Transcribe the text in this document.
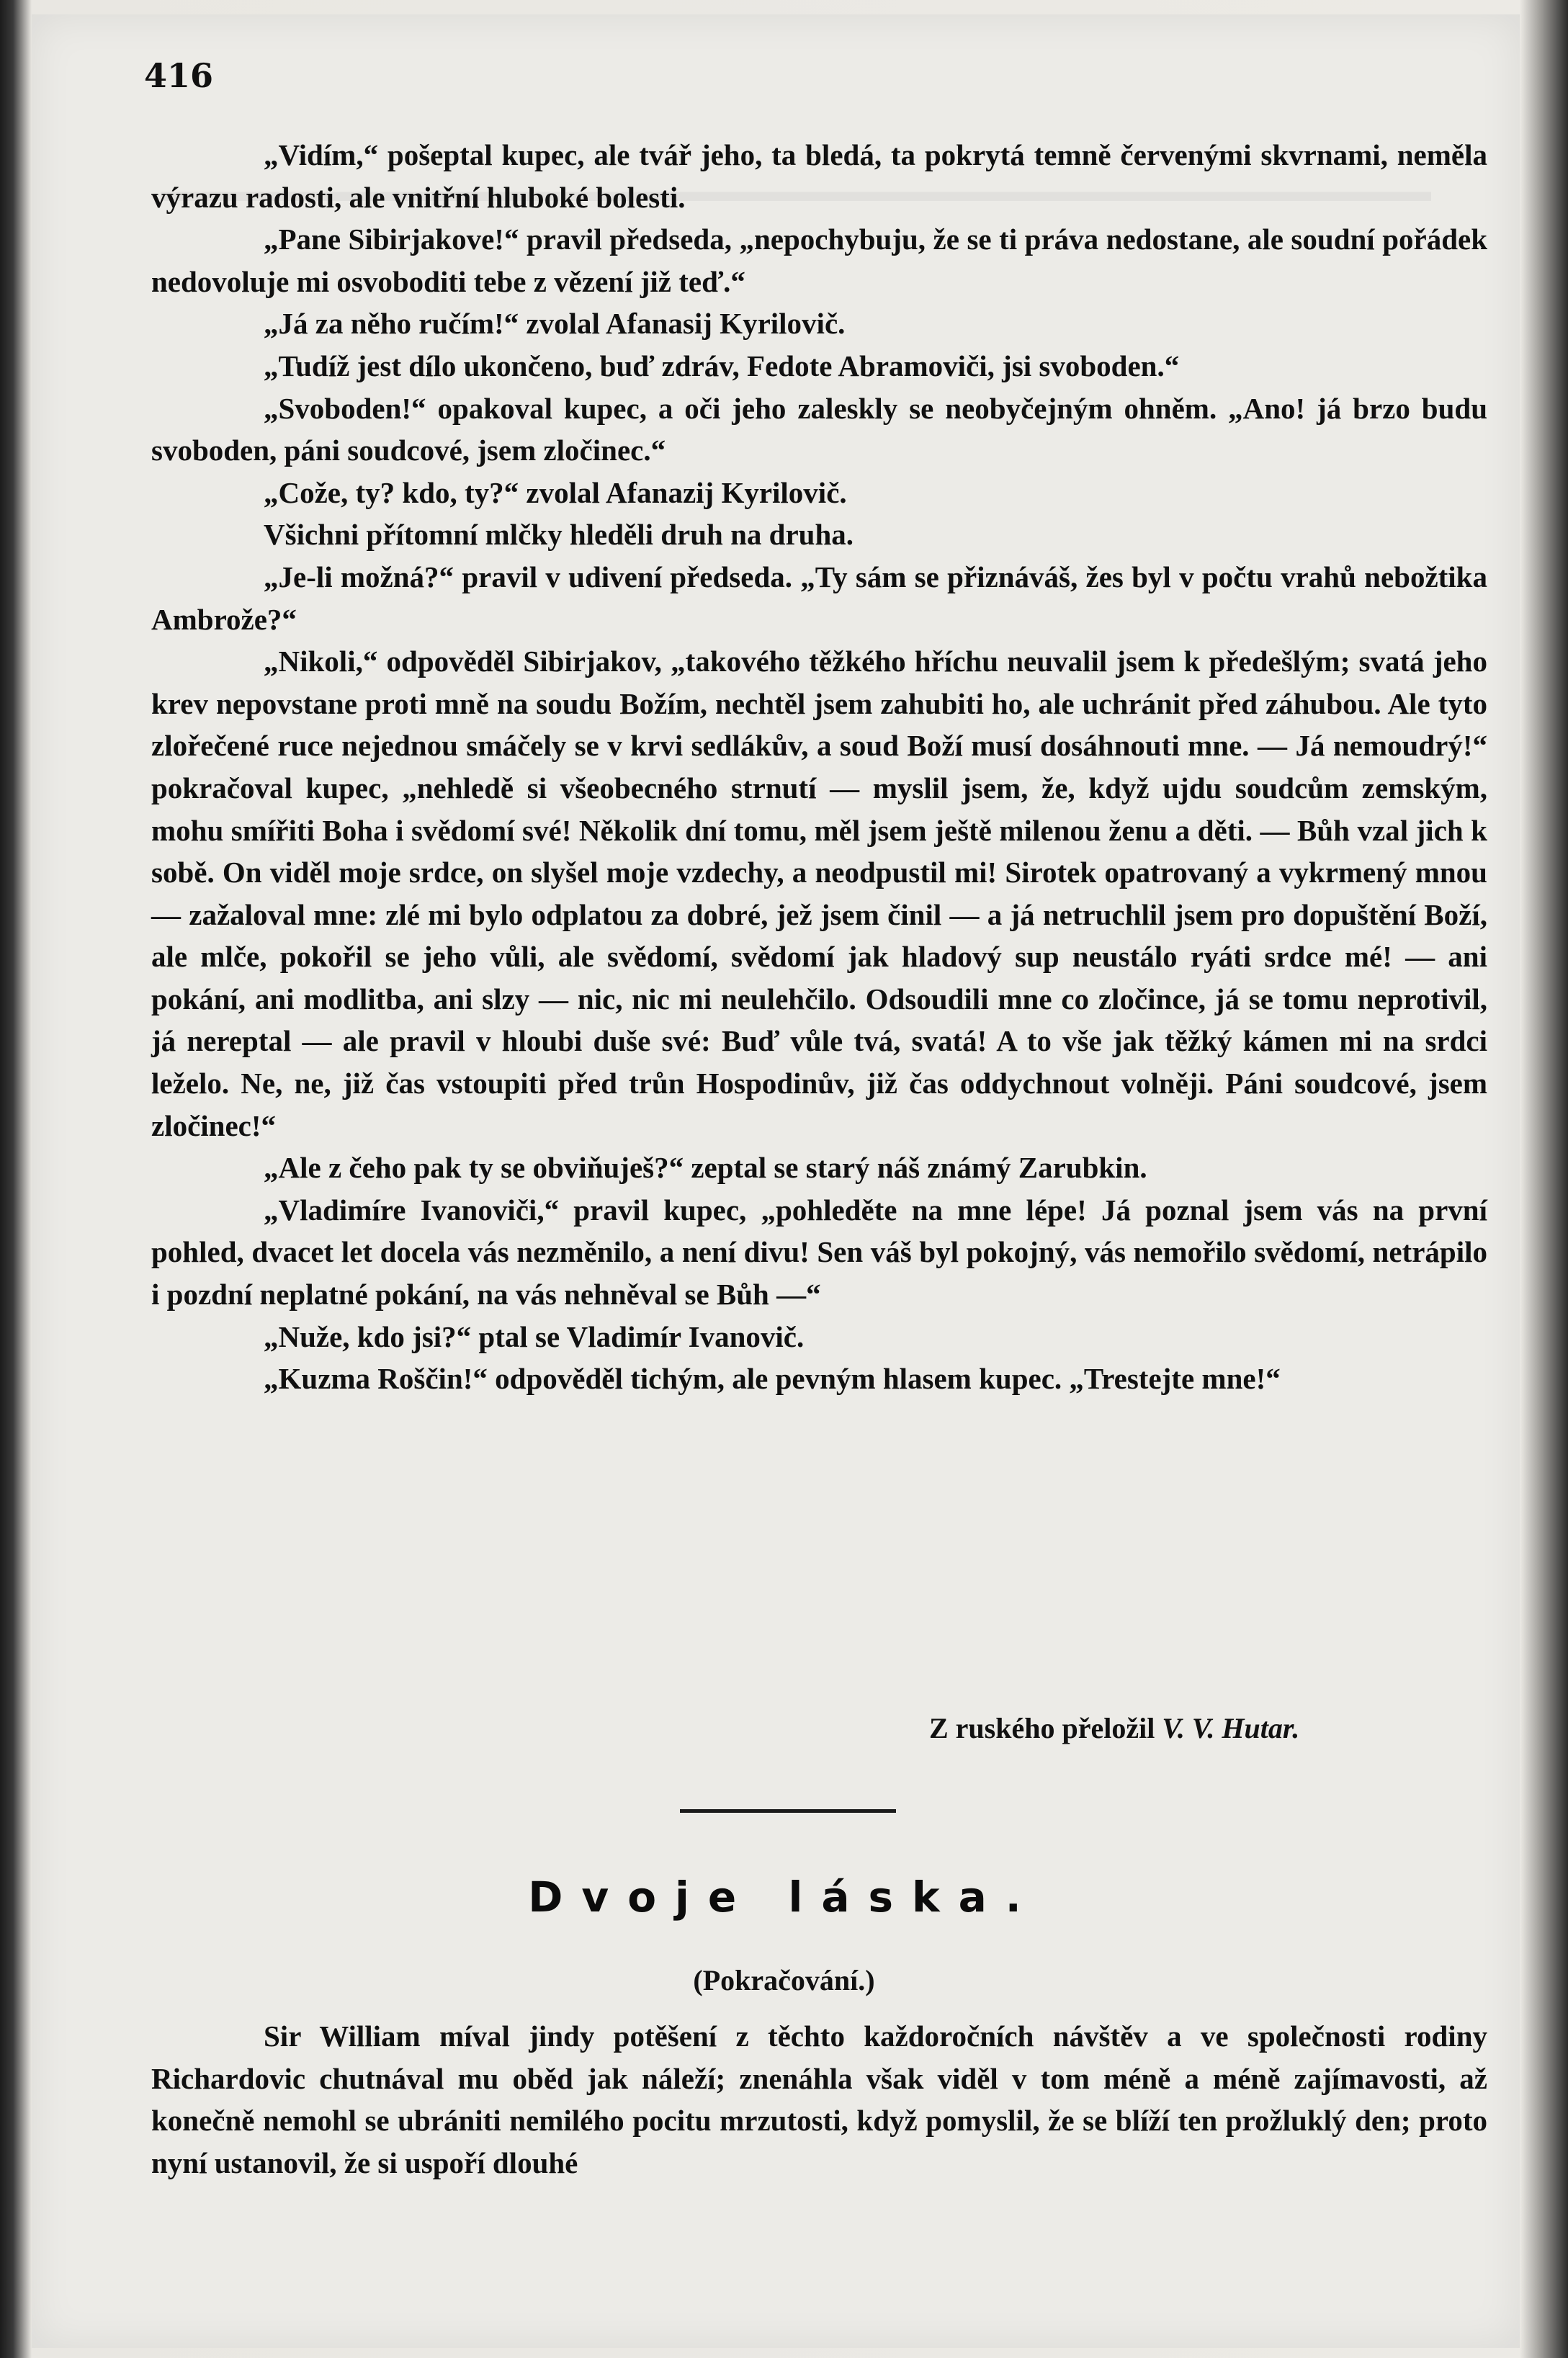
416

„Vidím,“ pošeptal kupec, ale tvář jeho, ta bledá, ta pokrytá temně červenými skvrnami, neměla výrazu radosti, ale vnitřní hluboké bolesti.

„Pane Sibirjakove!“ pravil předseda, „nepochybuju, že se ti práva nedostane, ale soudní pořádek nedovoluje mi osvoboditi tebe z vězení již teď.“

„Já za něho ručím!“ zvolal Afanasij Kyrilovič.

„Tudíž jest dílo ukončeno, buď zdráv, Fedote Abramoviči, jsi svoboden.“

„Svoboden!“ opakoval kupec, a oči jeho zaleskly se neobyčejným ohněm. „Ano! já brzo budu svoboden, páni soudcové, jsem zločinec.“

„Cože, ty? kdo, ty?“ zvolal Afanazij Kyrilovič.

Všichni přítomní mlčky hleděli druh na druha.

„Je-li možná?“ pravil v udivení předseda. „Ty sám se přiznáváš, žes byl v počtu vrahů nebožtika Ambrože?“

„Nikoli,“ odpověděl Sibirjakov, „takového těžkého hříchu neuvalil jsem k předešlým; svatá jeho krev nepovstane proti mně na soudu Božím, nechtěl jsem zahubiti ho, ale uchránit před záhubou. Ale tyto zlořečené ruce nejednou smáčely se v krvi sedlákův, a soud Boží musí dosáhnouti mne. — Já nemoudrý!“ pokračoval kupec, „nehledě si všeobecného strnutí — myslil jsem, že, když ujdu soudcům zemským, mohu smířiti Boha i svědomí své! Několik dní tomu, měl jsem ještě milenou ženu a děti. — Bůh vzal jich k sobě. On viděl moje srdce, on slyšel moje vzdechy, a neodpustil mi! Sirotek opatrovaný a vykrmený mnou — zažaloval mne: zlé mi bylo odplatou za dobré, jež jsem činil — a já netruchlil jsem pro dopuštění Boží, ale mlče, pokořil se jeho vůli, ale svědomí, svědomí jak hladový sup neustálo ryáti srdce mé! — ani pokání, ani modlitba, ani slzy — nic, nic mi neulehčilo. Odsoudili mne co zločince, já se tomu neprotivil, já nereptal — ale pravil v hloubi duše své: Buď vůle tvá, svatá! A to vše jak těžký kámen mi na srdci leželo. Ne, ne, již čas vstoupiti před trůn Hospodinův, již čas oddychnout volněji. Páni soudcové, jsem zločinec!“

„Ale z čeho pak ty se obviňuješ?“ zeptal se starý náš známý Zarubkin.

„Vladimíre Ivanoviči,“ pravil kupec, „pohleděte na mne lépe! Já poznal jsem vás na první pohled, dvacet let docela vás nezměnilo, a není divu! Sen váš byl pokojný, vás nemořilo svědomí, netrápilo i pozdní neplatné pokání, na vás nehněval se Bůh —“

„Nuže, kdo jsi?“ ptal se Vladimír Ivanovič.

„Kuzma Roščin!“ odpověděl tichým, ale pevným hlasem kupec. „Trestejte mne!“

Z ruského přeložil V. V. Hutar.
Dvoje láska.
(Pokračování.)

Sir William míval jindy potěšení z těchto každoročních návštěv a ve společnosti rodiny Richardovic chutnával mu oběd jak náleží; znenáhla však viděl v tom méně a méně zajímavosti, až konečně nemohl se ubrániti nemilého pocitu mrzutosti, když pomyslil, že se blíží ten prožluklý den; proto nyní ustanovil, že si uspoří dlouhé
